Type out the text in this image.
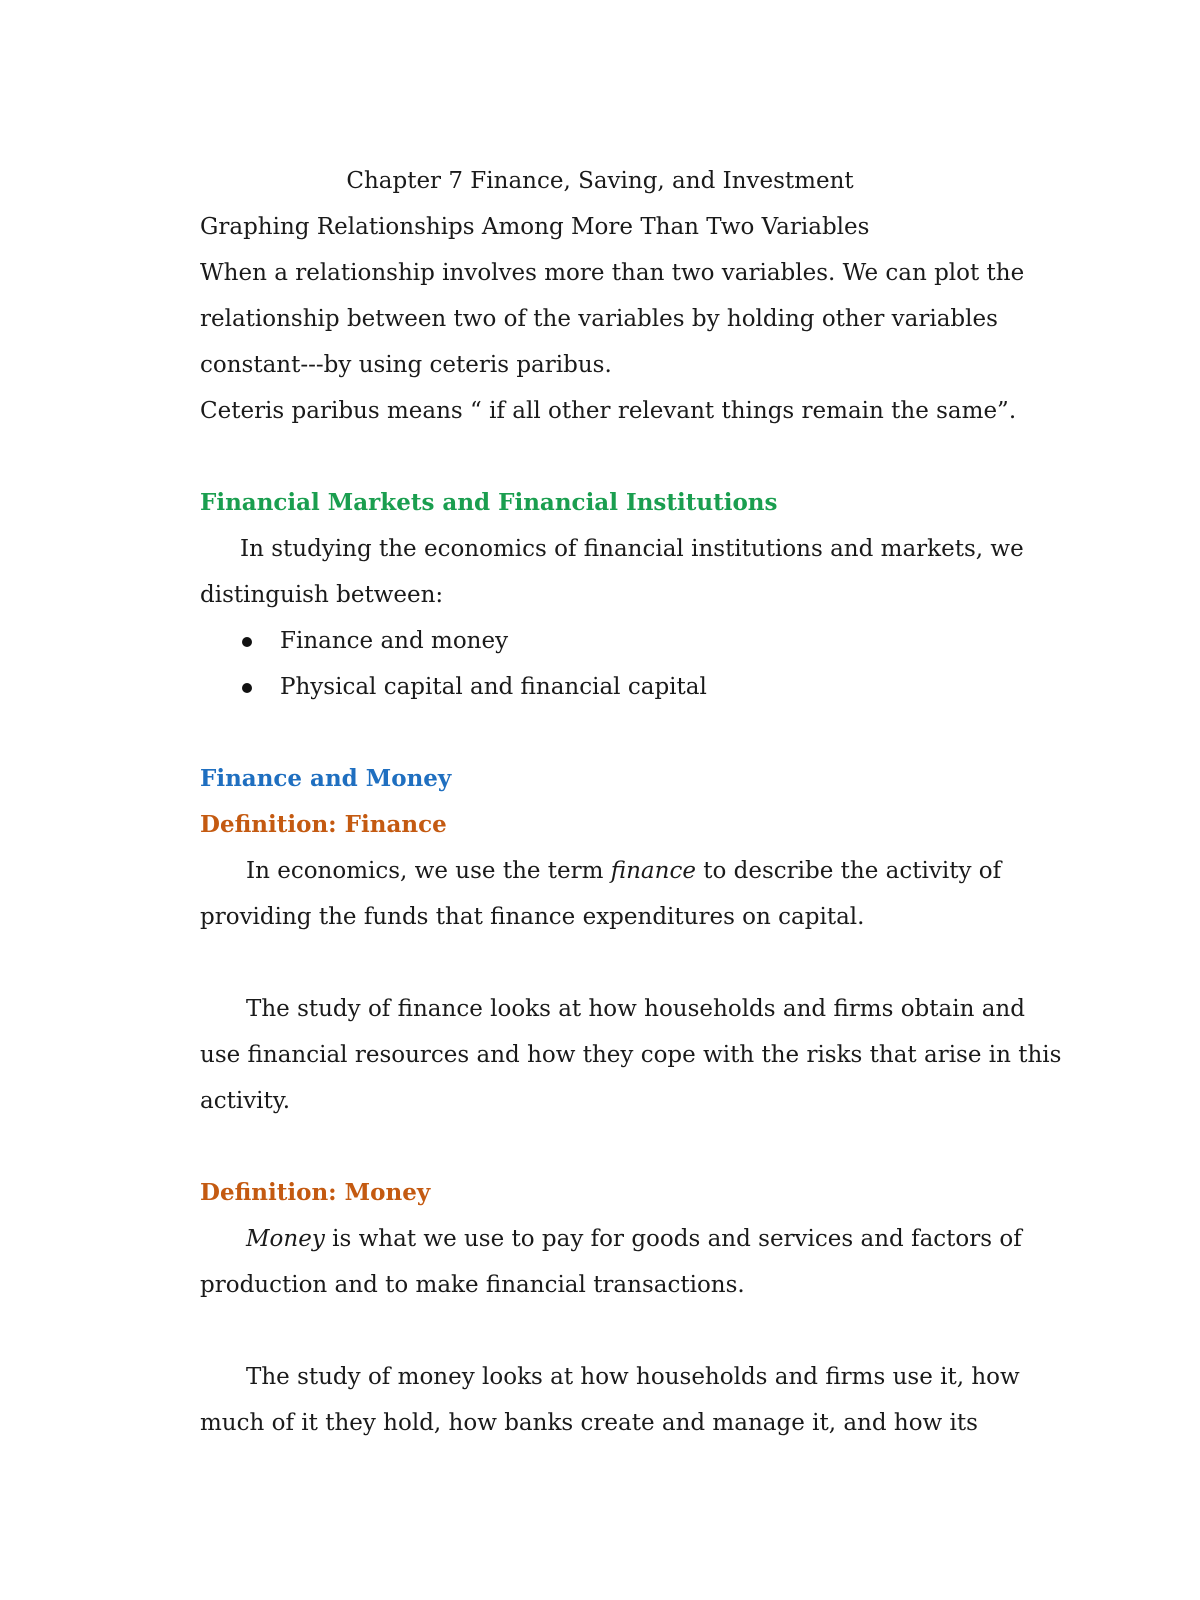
Chapter 7 Finance, Saving, and Investment

Graphing Relationships Among More Than Two Variables

When a relationship involves more than two variables. We can plot the

relationship between two of the variables by holding other variables

constant---by using ceteris paribus.

Ceteris paribus means “ if all other relevant things remain the same”.

Financial Markets and Financial Institutions

In studying the economics of financial institutions and markets, we

distinguish between:

Finance and money
Physical capital and financial capital

Finance and Money

Definition: Finance

In economics, we use the term finance to describe the activity of

providing the funds that finance expenditures on capital.

The study of finance looks at how households and firms obtain and

use financial resources and how they cope with the risks that arise in this

activity.

Definition: Money

Money is what we use to pay for goods and services and factors of

production and to make financial transactions.

The study of money looks at how households and firms use it, how

much of it they hold, how banks create and manage it, and how its
